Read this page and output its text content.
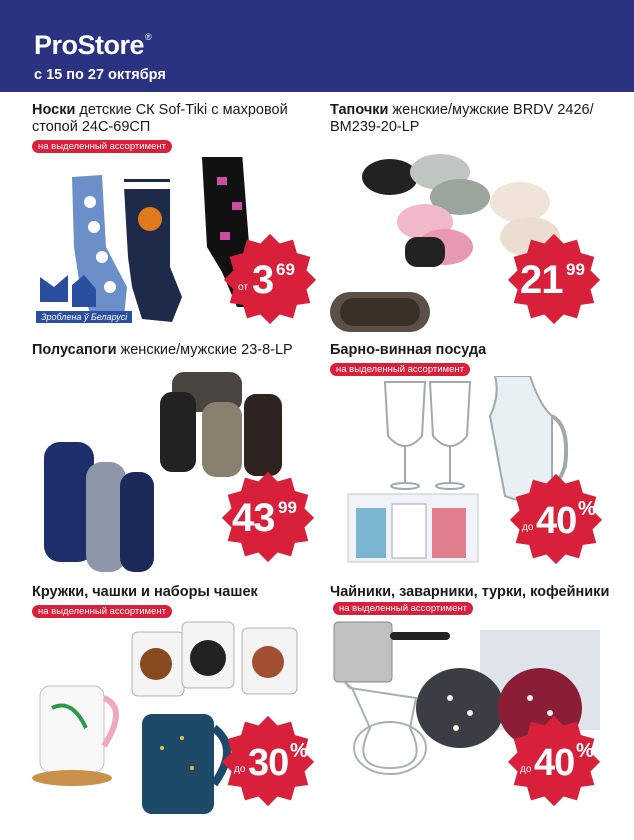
ProStore®
с 15 по 27 октября
Носки детские СК Sof-Tiki с махровой стопой 24С-69СП
на выделенный ассортимент
Зроблена ў Беларусі
от 3 69
Тапочки женские/мужские BRDV 2426/ВМ239-20-LP
21 99
Полусапоги женские/мужские 23-8-LP
43 99
Барно-винная посуда
на выделенный ассортимент
до 40 %
Кружки, чашки и наборы чашек
на выделенный ассортимент
до 30 %
Чайники, заварники, турки, кофейникина выделенный ассортимент
до 40 %
